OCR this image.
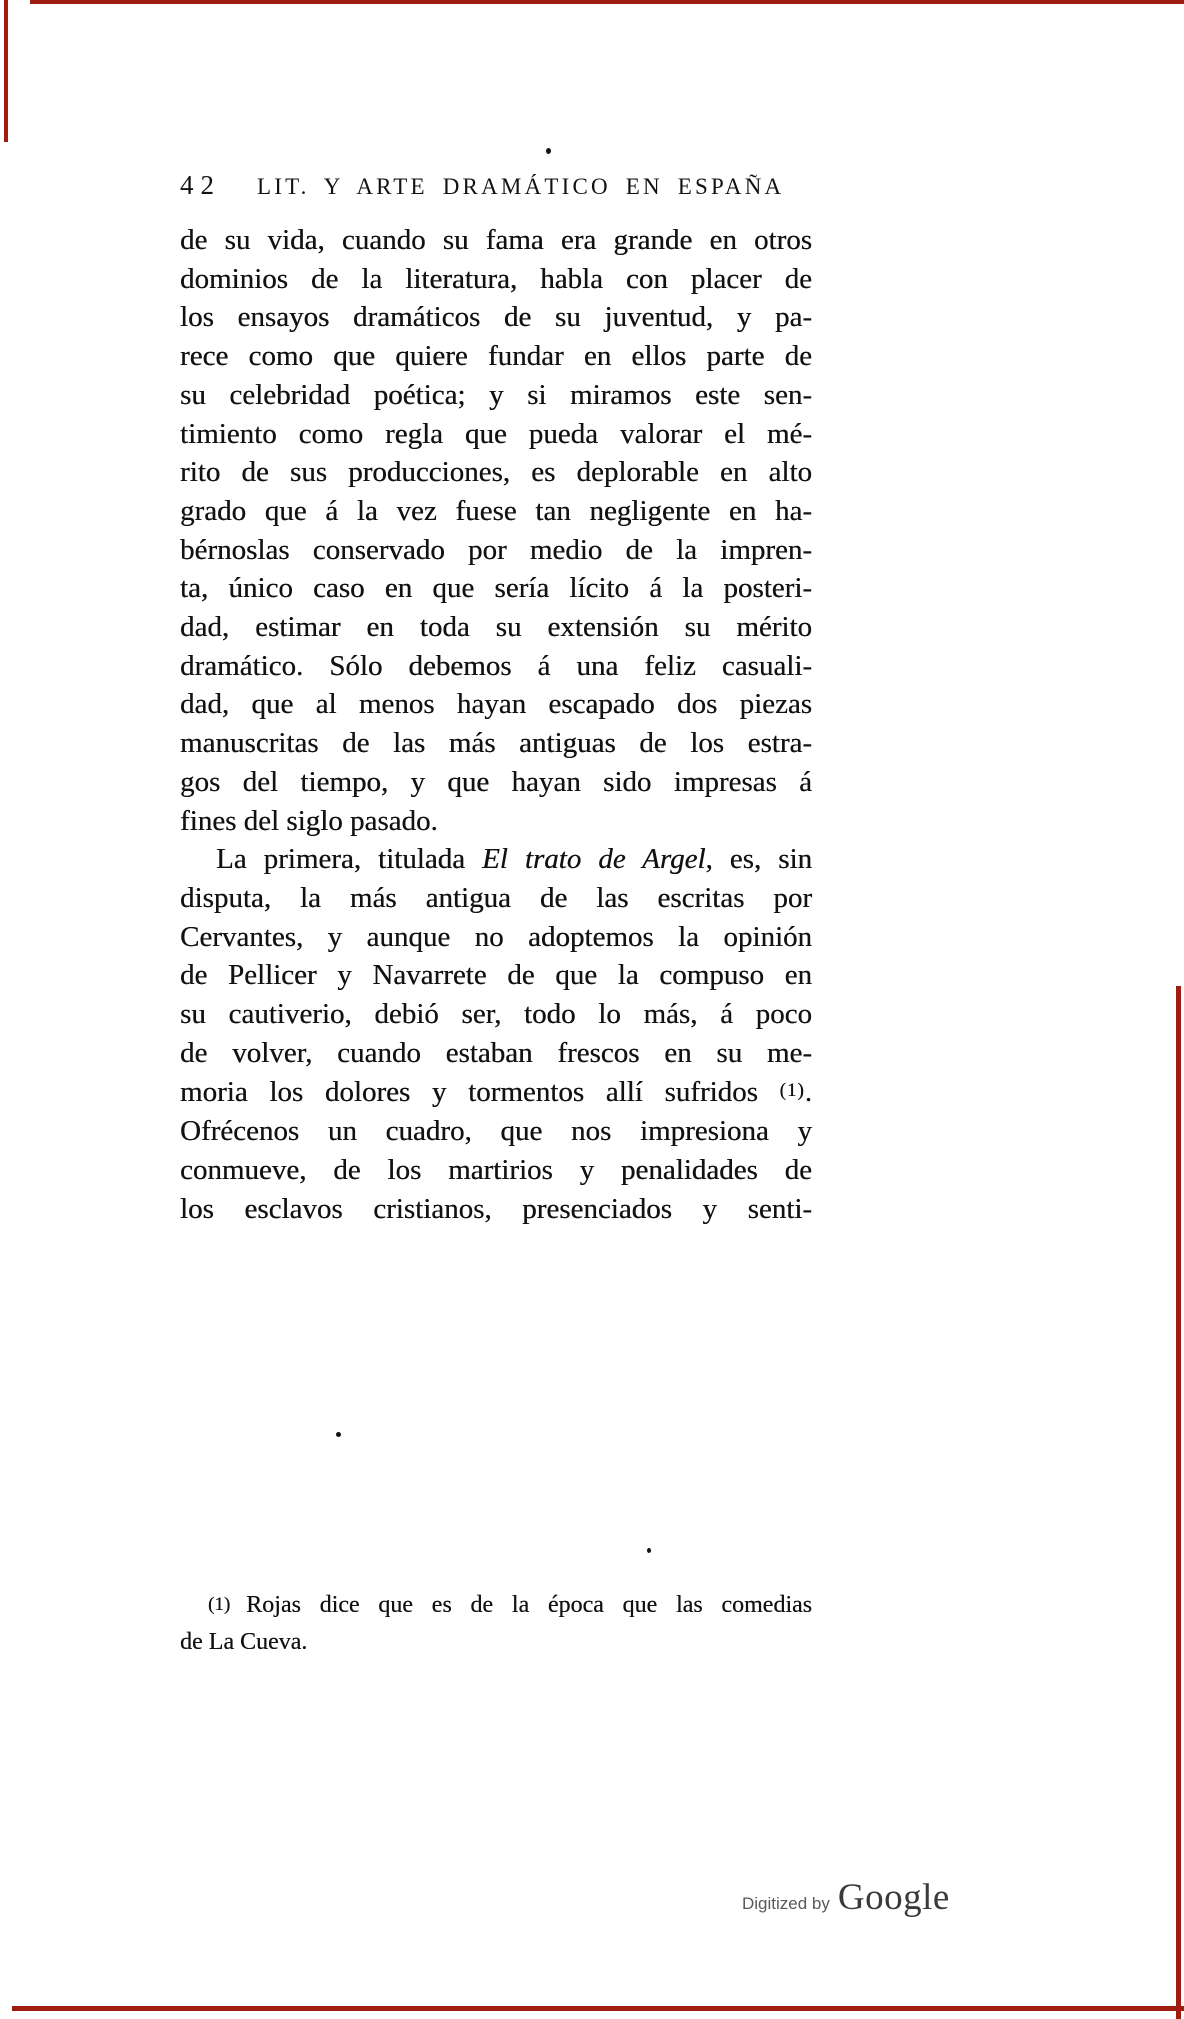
42 LIT. Y ARTE DRAMÁTICO EN ESPAÑA
de su vida, cuando su fama era grande en otros
dominios de la literatura, habla con placer de
los ensayos dramáticos de su juventud, y pa-
rece como que quiere fundar en ellos parte de
su celebridad poética; y si miramos este sen-
timiento como regla que pueda valorar el mé-
rito de sus producciones, es deplorable en alto
grado que á la vez fuese tan negligente en ha-
bérnoslas conservado por medio de la impren-
ta, único caso en que sería lícito á la posteri-
dad, estimar en toda su extensión su mérito
dramático. Sólo debemos á una feliz casuali-
dad, que al menos hayan escapado dos piezas
manuscritas de las más antiguas de los estra-
gos del tiempo, y que hayan sido impresas á
fines del siglo pasado.
La primera, titulada El trato de Argel, es, sin
disputa, la más antigua de las escritas por
Cervantes, y aunque no adoptemos la opinión
de Pellicer y Navarrete de que la compuso en
su cautiverio, debió ser, todo lo más, á poco
de volver, cuando estaban frescos en su me-
moria los dolores y tormentos allí sufridos $^{(1)}$.
Ofrécenos un cuadro, que nos impresiona y
conmueve, de los martirios y penalidades de
los esclavos cristianos, presenciados y senti-
(1) Rojas dice que es de la época que las comedias
de La Cueva.
Digitized by Google
